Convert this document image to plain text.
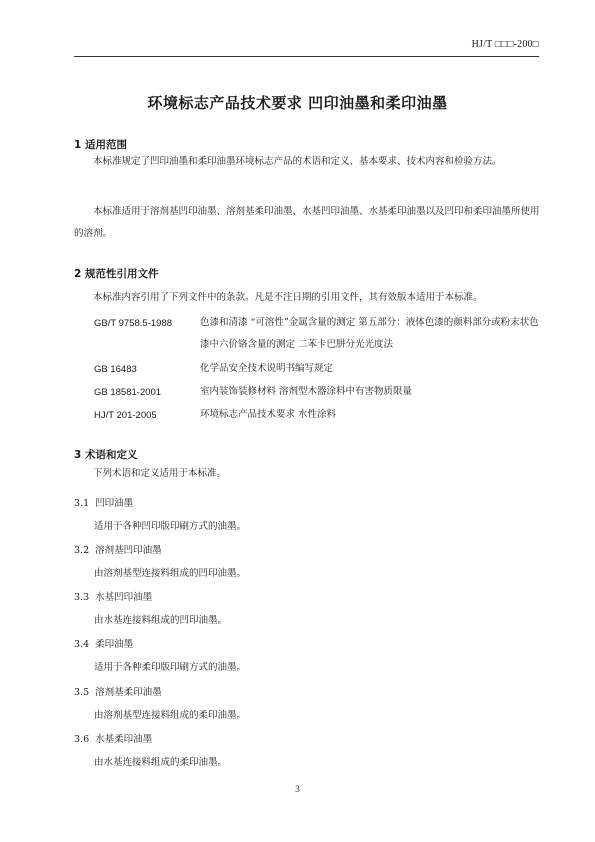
HJ/T □□□-200□
环境标志产品技术要求 凹印油墨和柔印油墨
1 适用范围
本标准规定了凹印油墨和柔印油墨环境标志产品的术语和定义、基本要求、技术内容和检验方法。
本标准适用于溶剂基凹印油墨、溶剂基柔印油墨、水基凹印油墨、水基柔印油墨以及凹印和柔印油墨所使用的溶剂。
2 规范性引用文件
本标准内容引用了下列文件中的条款。凡是不注日期的引用文件，其有效版本适用于本标准。
GB/T 9758.5-1988	色漆和清漆 “可溶性”金属含量的测定 第五部分：液体色漆的颜料部分或粉末状色漆中六价铬含量的测定 二苯卡巴肼分光光度法
GB 16483	化学品安全技术说明书编写规定
GB 18581-2001	室内装饰装修材料 溶剂型木器涂料中有害物质限量
HJ/T 201-2005	环境标志产品技术要求 水性涂料
3 术语和定义
下列术语和定义适用于本标准。
3.1 凹印油墨
适用于各种凹印版印刷方式的油墨。
3.2 溶剂基凹印油墨
由溶剂基型连接料组成的凹印油墨。
3.3 水基凹印油墨
由水基连接料组成的凹印油墨。
3.4 柔印油墨
适用于各种柔印版印刷方式的油墨。
3.5 溶剂基柔印油墨
由溶剂基型连接料组成的柔印油墨。
3.6 水基柔印油墨
由水基连接料组成的柔印油墨。
3
